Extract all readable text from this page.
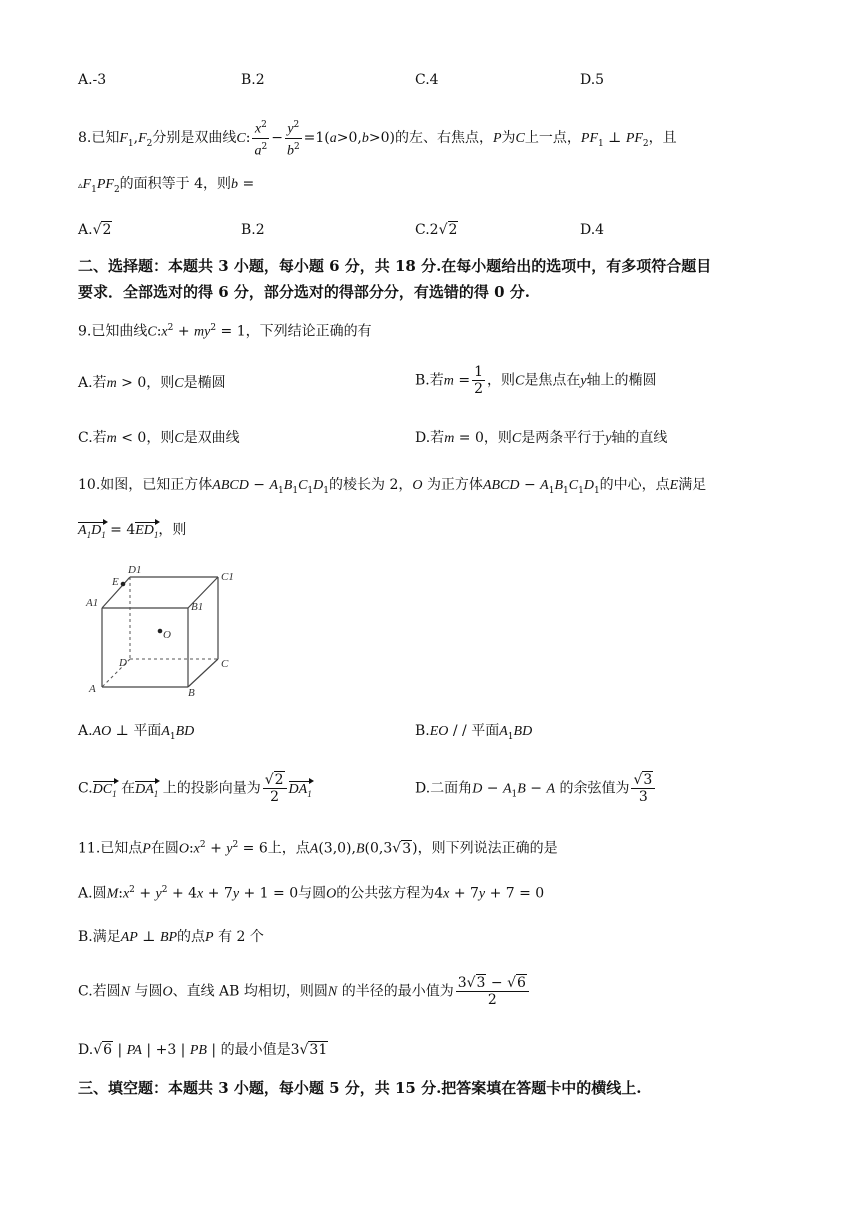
A.-3	B.2	C.4	D.5
8.已知$F_1,F_2$分别是双曲线C: $\frac{x^2}{a^2} - \frac{y^2}{b^2} =1(a>0,b>0)$的左、右焦点，P为C上一点，$PF_1$ ⊥ $PF_2$，且
$▵F_1PF_2$的面积等于 4，则b =
A.√2	B.2	C.2√2	D.4
二、选择题：本题共 3 小题，每小题 6 分，共 18 分.在每小题给出的选项中，有多项符合题目
要求．全部选对的得 6 分，部分选对的得部分分，有选错的得 0 分.
9.已知曲线$C:x^2 + my^2 = 1$，下列结论正确的有
A.若m > 0，则C是椭圆	B.若$m = \frac{1}{2}$ ，则C是焦点在y轴上的椭圆
C.若m < 0，则C是双曲线	D.若m = 0，则C是两条平行于y轴的直线
10.如图，已知正方体ABCD − $A_1B_1C_1D_1$的棱长为 2，O 为正方体ABCD − $A_1B_1C_1D_1$的中心，点E满足
$A_1D_1 = 4ED_1$，则
E
D1
C1
A1	B1
O
D	C
A	B
A.AO ⊥ 平面$A_1BD$	B.EO / / 平面$A_1BD$
$C.DC_1$ 在$DA_1$ 上的投影向量为 $\frac{√2}{2} DA_1$	D.二面角$D - A_1B - A$ 的余弦值为 $\frac{√3}{3}$
11.已知点P在圆$O:x^2 + y^2 = 6$上，点A(3,0),B(0,3√3)，则下列说法正确的是
A.圆$M:x^2 + y^2 + 4x + 7y + 1 = 0$与圆O的公共弦方程为4x + 7y + 7 = 0
B.满足AP ⊥ BP的点P 有 2 个
C.若圆N 与圆O、直线 AB 均相切，则圆N 的半径的最小值为 $\frac{3√3 - √6}{2}$
D.√6 | PA | +3 | PB | 的最小值是3√31
三、填空题：本题共 3 小题，每小题 5 分，共 15 分.把答案填在答题卡中的横线上.
